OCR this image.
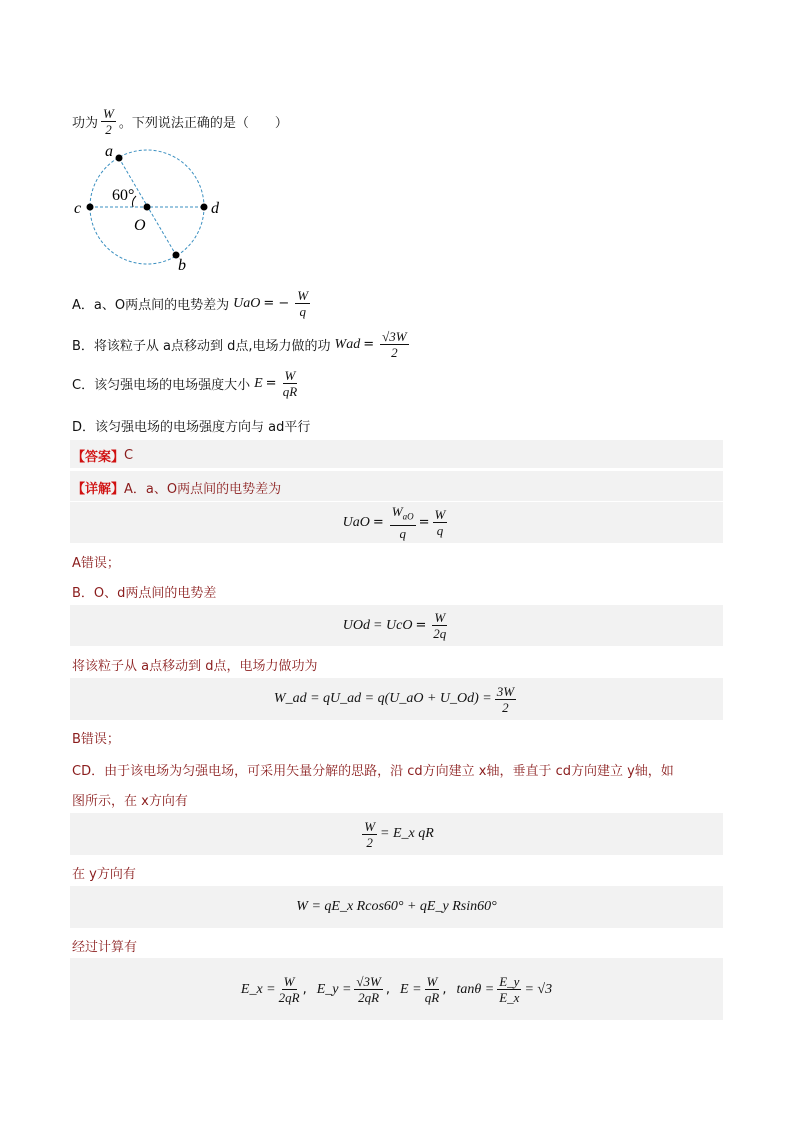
功为 $\frac{W}{2}$ 。下列说法正确的是（　　）
a
c	d
O
b
60°
A．a、O两点间的电势差为 U aO = − $\frac{W}{q}$
B．将该粒子从 a点移动到 d点,电场力做的功 W ad = $\frac{√3W}{2}$
C．该匀强电场的电场强度大小 $E = \frac{W}{qR}$
D．该匀强电场的电场强度方向与 ad平行
【答案】 C
【详解】 A．a、O两点间的电势差为
U aO = $\frac{W_{aO}}{q} = \frac{W}{q}$
A错误；
B．O、d两点间的电势差
U Od = U cO = $\frac{W}{2q}$
将该粒子从 a点移动到 d点，电场力做功为
W_ad = qU_ad = q(U_aO + U_Od) = $\frac{3W}{2}$
B错误；
CD．由于该电场为匀强电场，可采用矢量分解的思路，沿 cd方向建立 x轴，垂直于 cd方向建立 y轴，如
图所示，在 x方向有
$\frac{W}{2}$ = E_x qR
在 y方向有
W = qE_x Rcos60° + qE_y Rsin60°
经过计算有
E_x = $\frac{W}{2qR}$ , E_y = $\frac{√3W}{2qR}$ , $E = \frac{W}{qR}$ , $\tan\theta = \frac{E\_y}{E\_x} = √3$
